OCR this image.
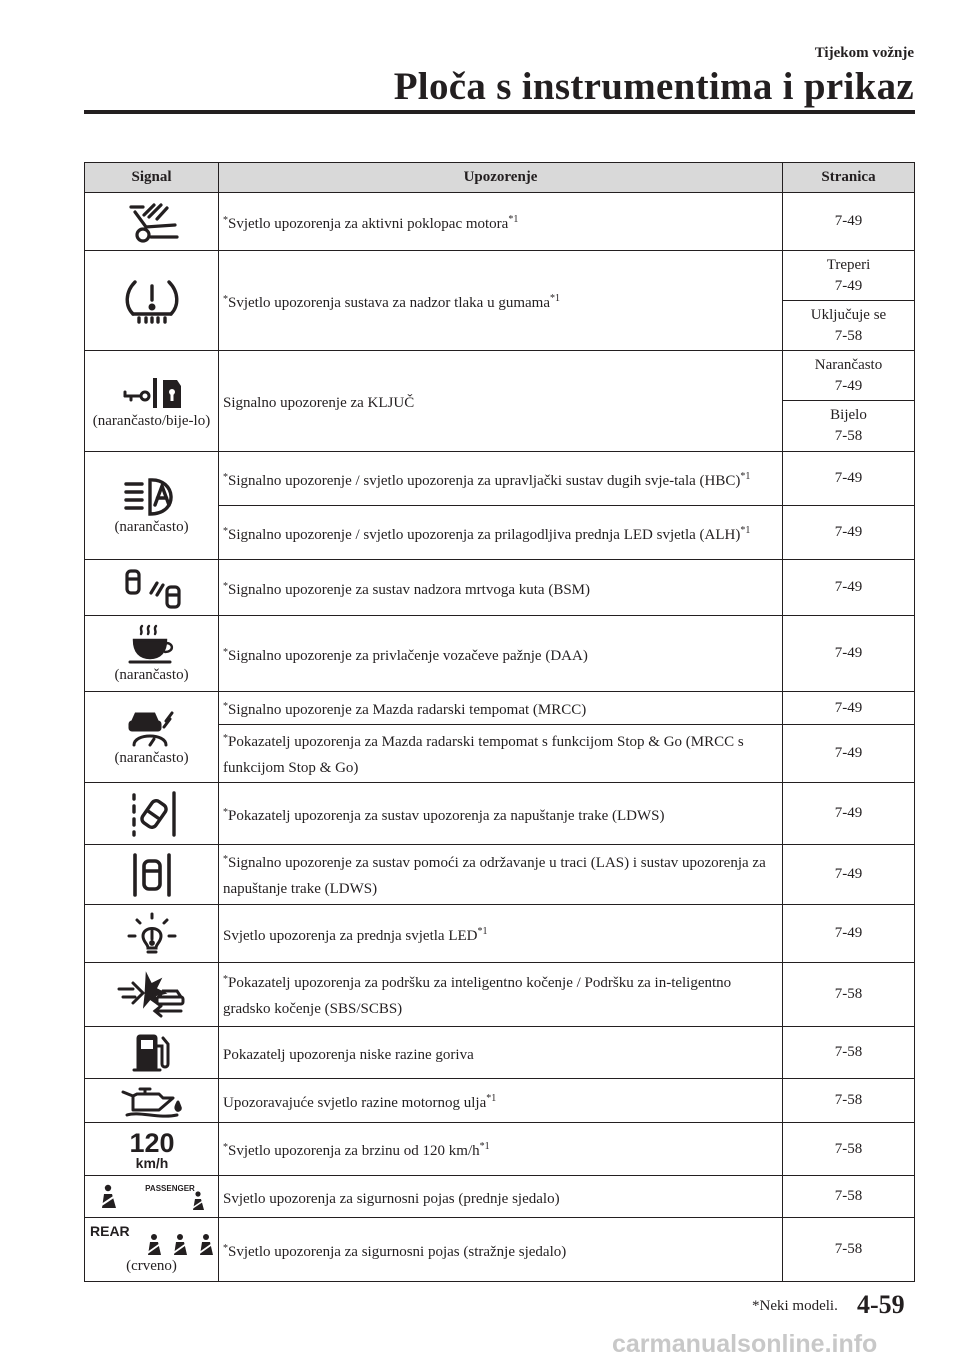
Tijekom vožnje
Ploča s instrumentima i prikaz
Signal	Upozorenje	Stranica

	*Svjetlo upozorenja za aktivni poklopac motora$^{*1}$	7-49

	*Svjetlo upozorenja sustava za nadzor tlaka u gumama$^{*1}$	Treperi
7-49
		Uključuje se
7-58

(narančasto/bije-lo)	Signalno upozorenje za KLJUČ	Narančasto
7-49
		Bijelo
7-58

(narančasto)	*Signalno upozorenje / svjetlo upozorenja za upravljački sustav dugih svje-tala (HBC)$^{*1}$	7-49
	*Signalno upozorenje / svjetlo upozorenja za prilagodljiva prednja LED svjetla (ALH)$^{*1}$	7-49

	*Signalno upozorenje za sustav nadzora mrtvoga kuta (BSM)	7-49

(narančasto)	*Signalno upozorenje za privlačenje vozačeve pažnje (DAA)	7-49

(narančasto)	*Signalno upozorenje za Mazda radarski tempomat (MRCC)	7-49
	*Pokazatelj upozorenja za Mazda radarski tempomat s funkcijom Stop & Go (MRCC s funkcijom Stop & Go)	7-49

	*Pokazatelj upozorenja za sustav upozorenja za napuštanje trake (LDWS)	7-49

	*Signalno upozorenje za sustav pomoći za održavanje u traci (LAS) i sustav upozorenja za napuštanje trake (LDWS)	7-49

	Svjetlo upozorenja za prednja svjetla LED$^{*1}$	7-49

	*Pokazatelj upozorenja za podršku za inteligentno kočenje / Podršku za in-teligentno gradsko kočenje (SBS/SCBS)	7-58

	Pokazatelj upozorenja niske razine goriva	7-58

	Upozoravajuće svjetlo razine motornog ulja$^{*1}$	7-58

120
km/h	*Svjetlo upozorenja za brzinu od 120 $km/h^{*1}$	7-58

PASSENGER	Svjetlo upozorenja za sigurnosni pojas (prednje sjedalo)	7-58

REAR
(crveno)	*Svjetlo upozorenja za sigurnosni pojas (stražnje sjedalo)	7-58
*Neki modeli. 4-59
carmanualsonline.info
